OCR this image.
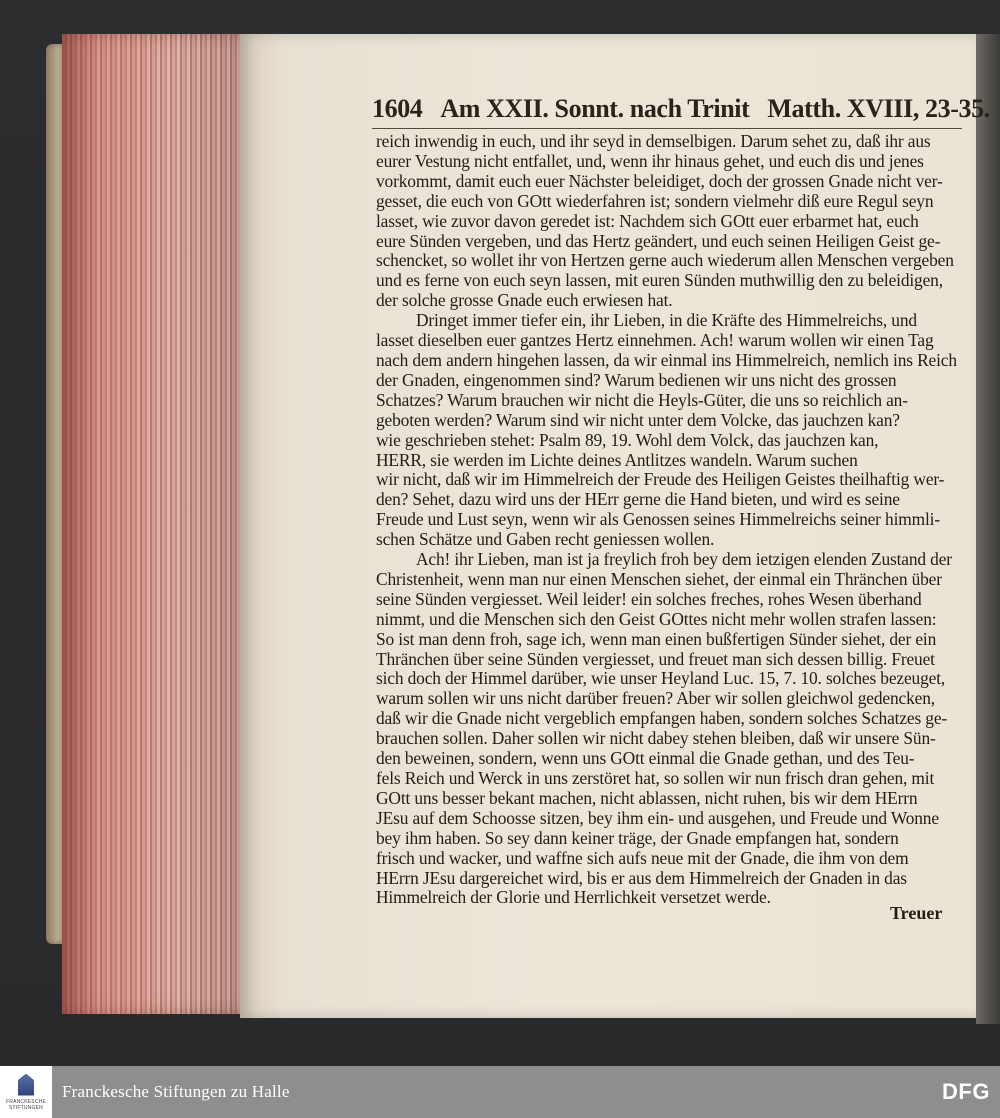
1604 Am XXII. Sonnt. nach Trinit Matth. XVIII, 23-35.
reich inwendig in euch, und ihr seyd in demselbigen. Darum sehet zu, daß ihr aus
eurer Vestung nicht entfallet, und, wenn ihr hinaus gehet, und euch dis und jenes
vorkommt, damit euch euer Nächster beleidiget, doch der grossen Gnade nicht ver-
gesset, die euch von GOtt wiederfahren ist; sondern vielmehr diß eure Regul seyn
lasset, wie zuvor davon geredet ist: Nachdem sich GOtt euer erbarmet hat, euch
eure Sünden vergeben, und das Hertz geändert, und euch seinen Heiligen Geist ge-
schencket, so wollet ihr von Hertzen gerne auch wiederum allen Menschen vergeben
und es ferne von euch seyn lassen, mit euren Sünden muthwillig den zu beleidigen,
der solche grosse Gnade euch erwiesen hat.
Dringet immer tiefer ein, ihr Lieben, in die Kräfte des Himmelreichs, und
lasset dieselben euer gantzes Hertz einnehmen. Ach! warum wollen wir einen Tag
nach dem andern hingehen lassen, da wir einmal ins Himmelreich, nemlich ins Reich
der Gnaden, eingenommen sind? Warum bedienen wir uns nicht des grossen
Schatzes? Warum brauchen wir nicht die Heyls-Güter, die uns so reichlich an-
geboten werden? Warum sind wir nicht unter dem Volcke, das jauchzen kan?
wie geschrieben stehet: Psalm 89, 19. Wohl dem Volck, das jauchzen kan,
HERR, sie werden im Lichte deines Antlitzes wandeln. Warum suchen
wir nicht, daß wir im Himmelreich der Freude des Heiligen Geistes theilhaftig wer-
den? Sehet, dazu wird uns der HErr gerne die Hand bieten, und wird es seine
Freude und Lust seyn, wenn wir als Genossen seines Himmelreichs seiner himmli-
schen Schätze und Gaben recht geniessen wollen.
Ach! ihr Lieben, man ist ja freylich froh bey dem ietzigen elenden Zustand der
Christenheit, wenn man nur einen Menschen siehet, der einmal ein Thränchen über
seine Sünden vergiesset. Weil leider! ein solches freches, rohes Wesen überhand
nimmt, und die Menschen sich den Geist GOttes nicht mehr wollen strafen lassen:
So ist man denn froh, sage ich, wenn man einen bußfertigen Sünder siehet, der ein
Thränchen über seine Sünden vergiesset, und freuet man sich dessen billig. Freuet
sich doch der Himmel darüber, wie unser Heyland Luc. 15, 7. 10. solches bezeuget,
warum sollen wir uns nicht darüber freuen? Aber wir sollen gleichwol gedencken,
daß wir die Gnade nicht vergeblich empfangen haben, sondern solches Schatzes ge-
brauchen sollen. Daher sollen wir nicht dabey stehen bleiben, daß wir unsere Sün-
den beweinen, sondern, wenn uns GOtt einmal die Gnade gethan, und des Teu-
fels Reich und Werck in uns zerstöret hat, so sollen wir nun frisch dran gehen, mit
GOtt uns besser bekant machen, nicht ablassen, nicht ruhen, bis wir dem HErrn
JEsu auf dem Schoosse sitzen, bey ihm ein- und ausgehen, und Freude und Wonne
bey ihm haben. So sey dann keiner träge, der Gnade empfangen hat, sondern
frisch und wacker, und waffne sich aufs neue mit der Gnade, die ihm von dem
HErrn JEsu dargereichet wird, bis er aus dem Himmelreich der Gnaden in das
Himmelreich der Glorie und Herrlichkeit versetzet werde.
Treuer
FRANCKESCHE STIFTUNGEN
Franckesche Stiftungen zu Halle	DFG
